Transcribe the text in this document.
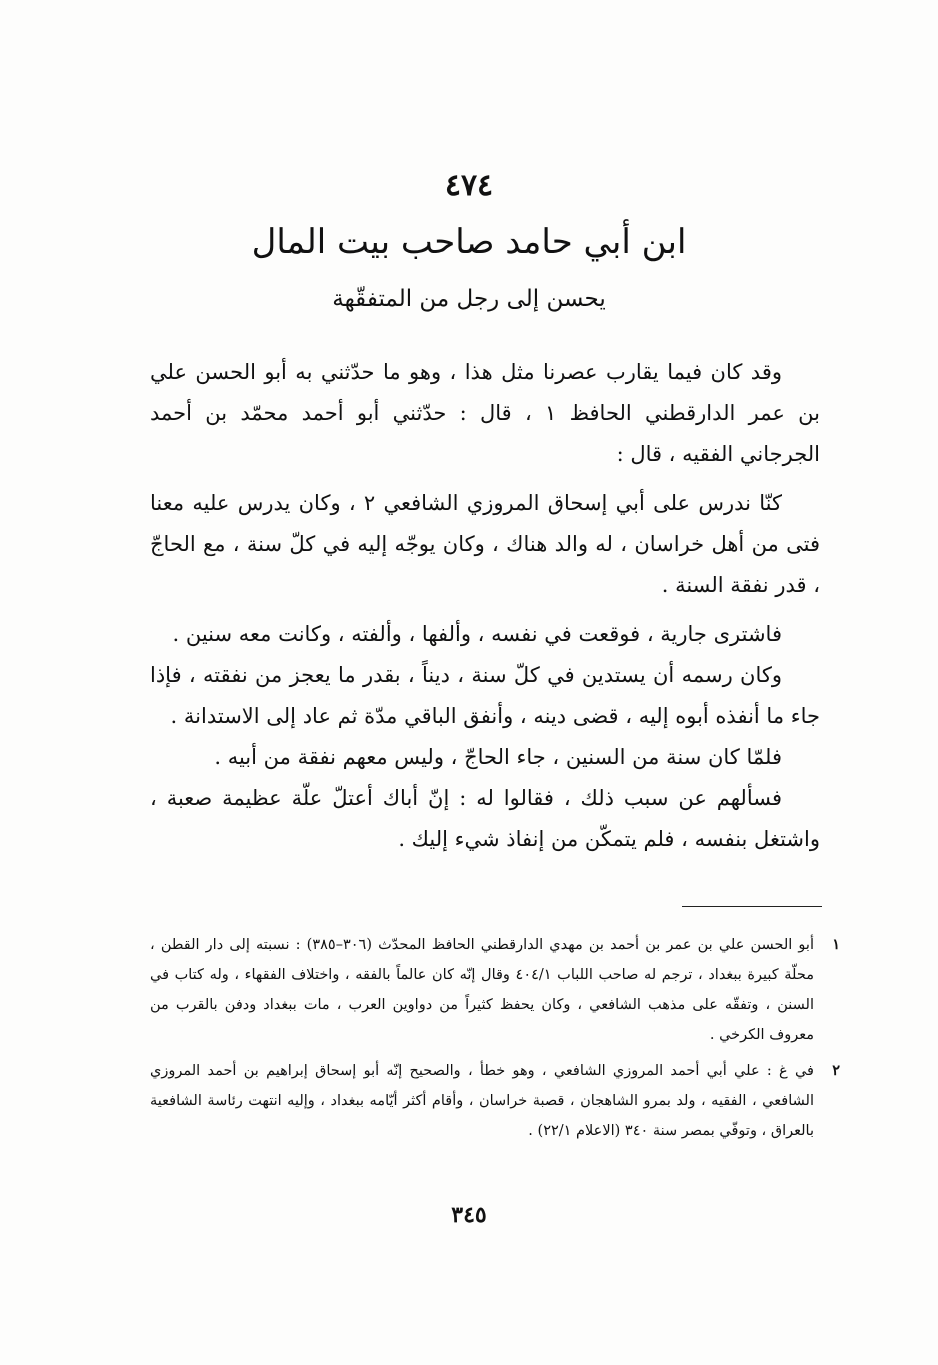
٤٧٤
ابن أبي حامد صاحب بيت المال
يحسن إلى رجل من المتفقّهة

وقد كان فيما يقارب عصرنا مثل هذا ، وهو ما حدّثني به أبو الحسن علي بن عمر الدارقطني الحافظ ١ ، قال : حدّثني أبو أحمد محمّد بن أحمد الجرجاني الفقيه ، قال :

كنّا ندرس على أبي إسحاق المروزي الشافعي ٢ ، وكان يدرس عليه معنا فتى من أهل خراسان ، له والد هناك ، وكان يوجّه إليه في كلّ سنة ، مع الحاجّ ، قدر نفقة السنة .

فاشترى جارية ، فوقعت في نفسه ، وألفها ، وألفته ، وكانت معه سنين .

وكان رسمه أن يستدين في كلّ سنة ، ديناً ، بقدر ما يعجز من نفقته ، فإذا جاء ما أنفذه أبوه إليه ، قضى دينه ، وأنفق الباقي مدّة ثم عاد إلى الاستدانة .

فلمّا كان سنة من السنين ، جاء الحاجّ ، وليس معهم نفقة من أبيه .

فسألهم عن سبب ذلك ، فقالوا له : إنّ أباك أعتلّ علّة عظيمة صعبة ، واشتغل بنفسه ، فلم يتمكّن من إنفاذ شيء إليك .

١
أبو الحسن علي بن عمر بن أحمد بن مهدي الدارقطني الحافظ المحدّث (٣٠٦–٣٨٥) : نسبته إلى دار القطن ، محلّة كبيرة ببغداد ، ترجم له صاحب اللباب ٤٠٤/١ وقال إنّه كان عالماً بالفقه ، واختلاف الفقهاء ، وله كتاب في السنن ، وتفقّه على مذهب الشافعي ، وكان يحفظ كثيراً من دواوين العرب ، مات ببغداد ودفن بالقرب من معروف الكرخي .
٢
في غ : علي أبي أحمد المروزي الشافعي ، وهو خطأ ، والصحيح إنّه أبو إسحاق إبراهيم بن أحمد المروزي الشافعي ، الفقيه ، ولد بمرو الشاهجان ، قصبة خراسان ، وأقام أكثر أيّامه ببغداد ، وإليه انتهت رئاسة الشافعية بالعراق ، وتوفّي بمصر سنة ٣٤٠ (الاعلام ٢٢/١) .
٣٤٥
